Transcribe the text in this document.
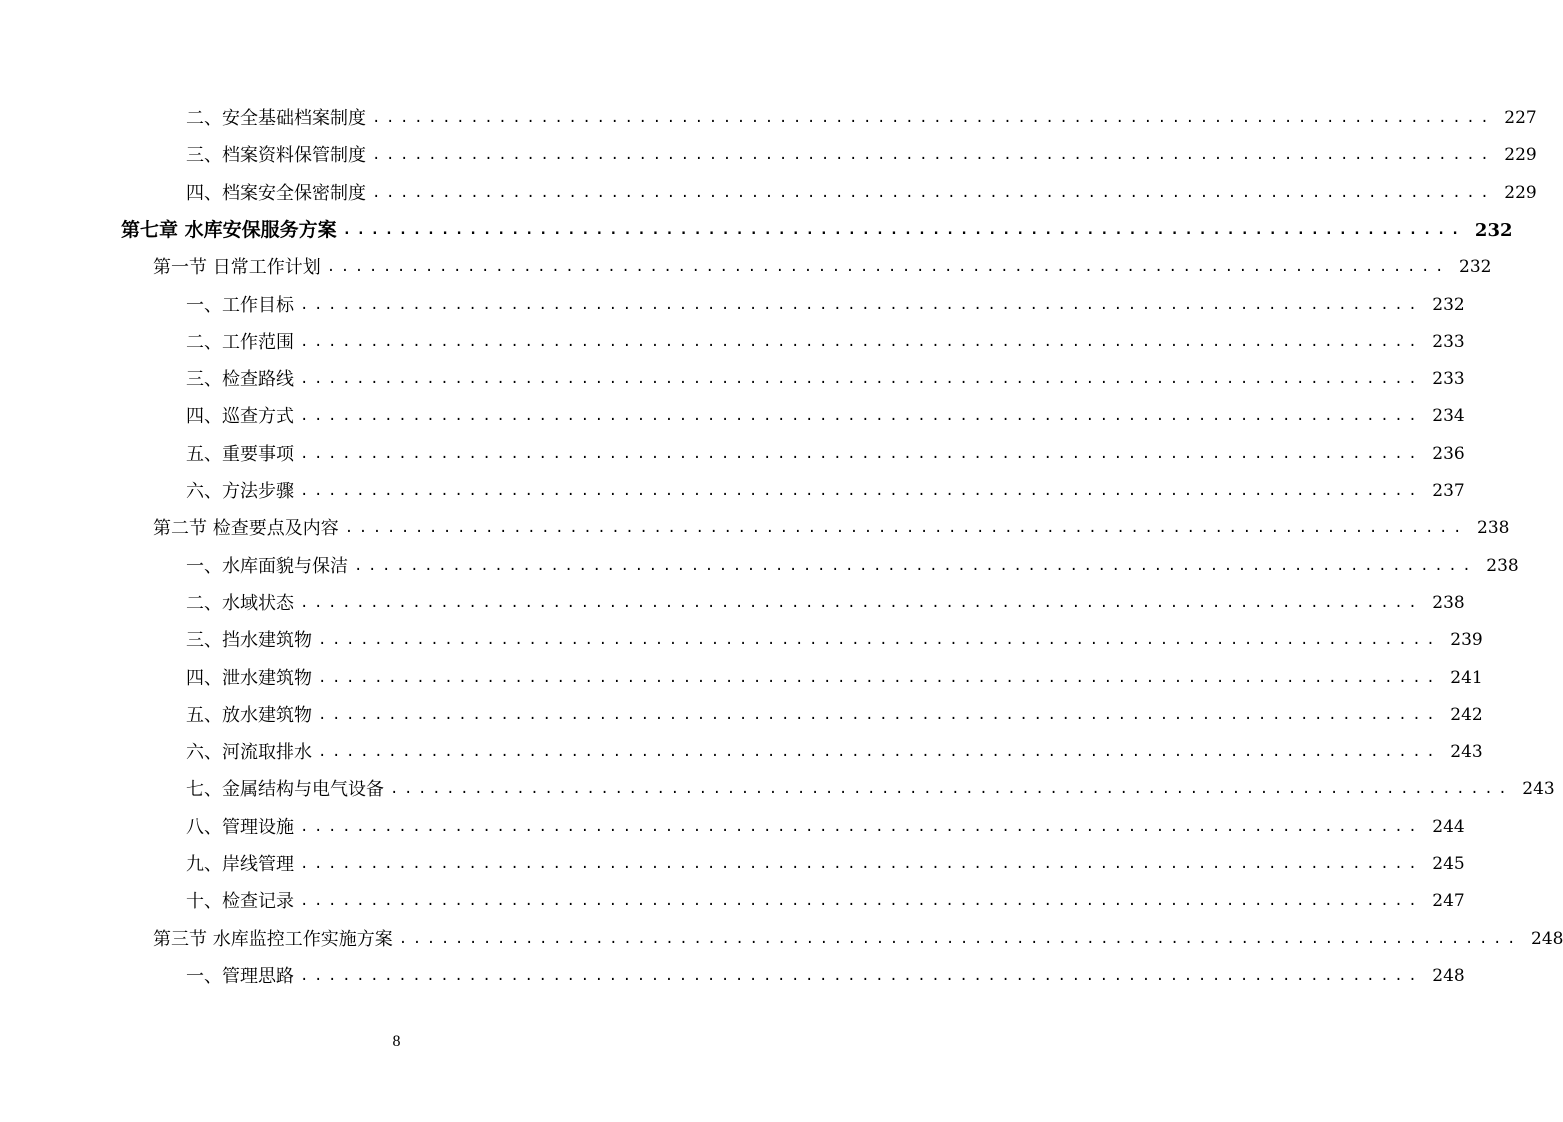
二、安全基础档案制度 ................................................................................ 227
三、档案资料保管制度 ................................................................................ 229
四、档案安全保密制度 ................................................................................ 229
第七章 水库安保服务方案 ................................................................................ 232
第一节 日常工作计划 ................................................................................ 232
一、工作目标 ................................................................................ 232
二、工作范围 ................................................................................ 233
三、检查路线 ................................................................................ 233
四、巡查方式 ................................................................................ 234
五、重要事项 ................................................................................ 236
六、方法步骤 ................................................................................ 237
第二节 检查要点及内容 ................................................................................ 238
一、水库面貌与保洁 ................................................................................ 238
二、水域状态 ................................................................................ 238
三、挡水建筑物 ................................................................................ 239
四、泄水建筑物 ................................................................................ 241
五、放水建筑物 ................................................................................ 242
六、河流取排水 ................................................................................ 243
七、金属结构与电气设备 ................................................................................ 243
八、管理设施 ................................................................................ 244
九、岸线管理 ................................................................................ 245
十、检查记录 ................................................................................ 247
第三节 水库监控工作实施方案 ................................................................................ 248
一、管理思路 ................................................................................ 248
8
